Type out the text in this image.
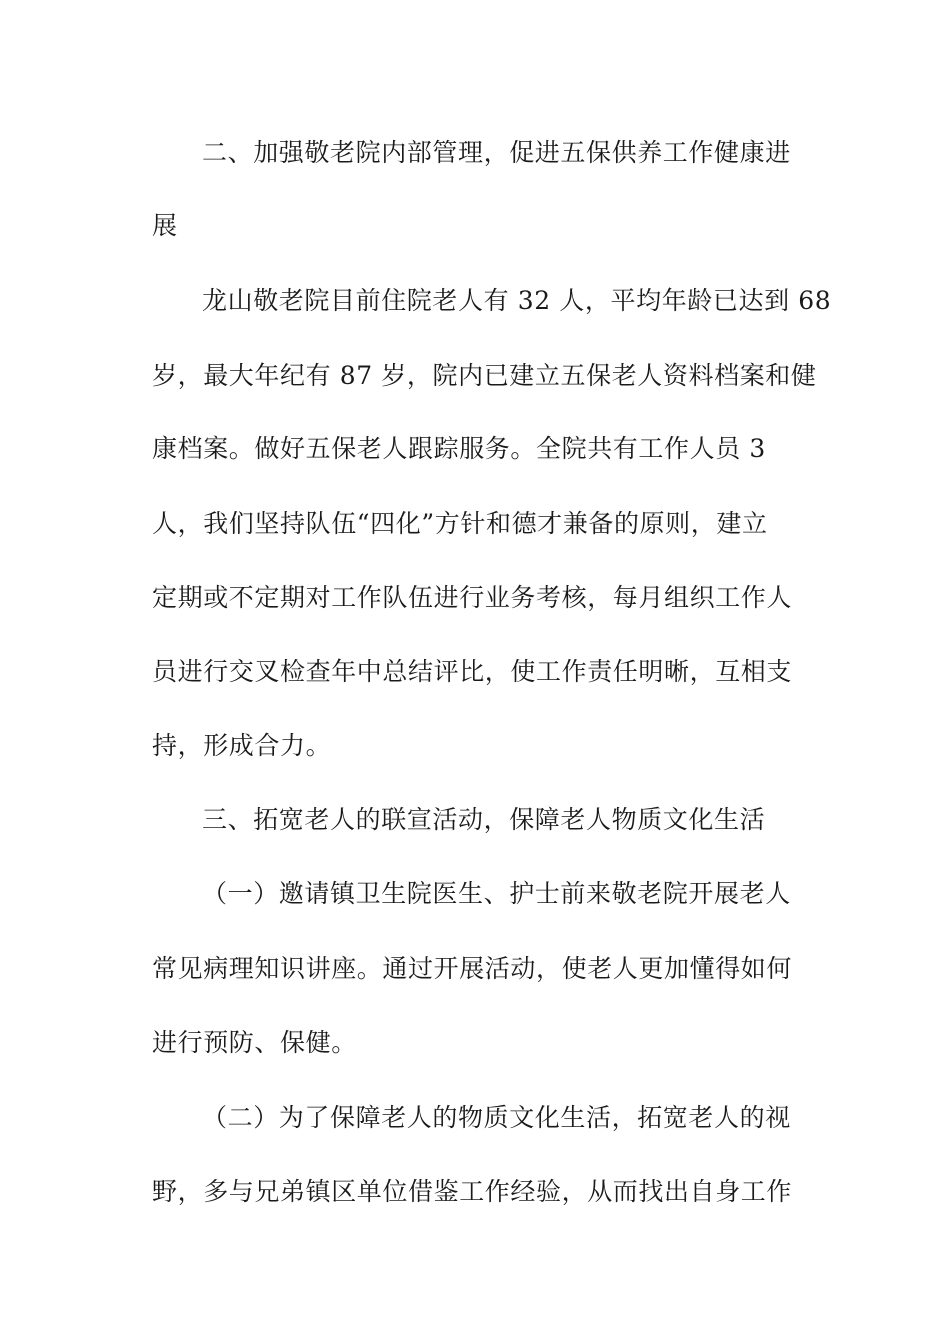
二、加强敬老院内部管理，促进五保供养工作健康进
展
龙山敬老院目前住院老人有 32 人，平均年龄已达到 68
岁，最大年纪有 87 岁，院内已建立五保老人资料档案和健
康档案。做好五保老人跟踪服务。全院共有工作人员 3
人，我们坚持队伍“四化”方针和德才兼备的原则，建立
定期或不定期对工作队伍进行业务考核，每月组织工作人
员进行交叉检查年中总结评比，使工作责任明晰，互相支
持，形成合力。
三、拓宽老人的联宣活动，保障老人物质文化生活
（一）邀请镇卫生院医生、护士前来敬老院开展老人
常见病理知识讲座。通过开展活动，使老人更加懂得如何
进行预防、保健。
（二）为了保障老人的物质文化生活，拓宽老人的视
野，多与兄弟镇区单位借鉴工作经验，从而找出自身工作
